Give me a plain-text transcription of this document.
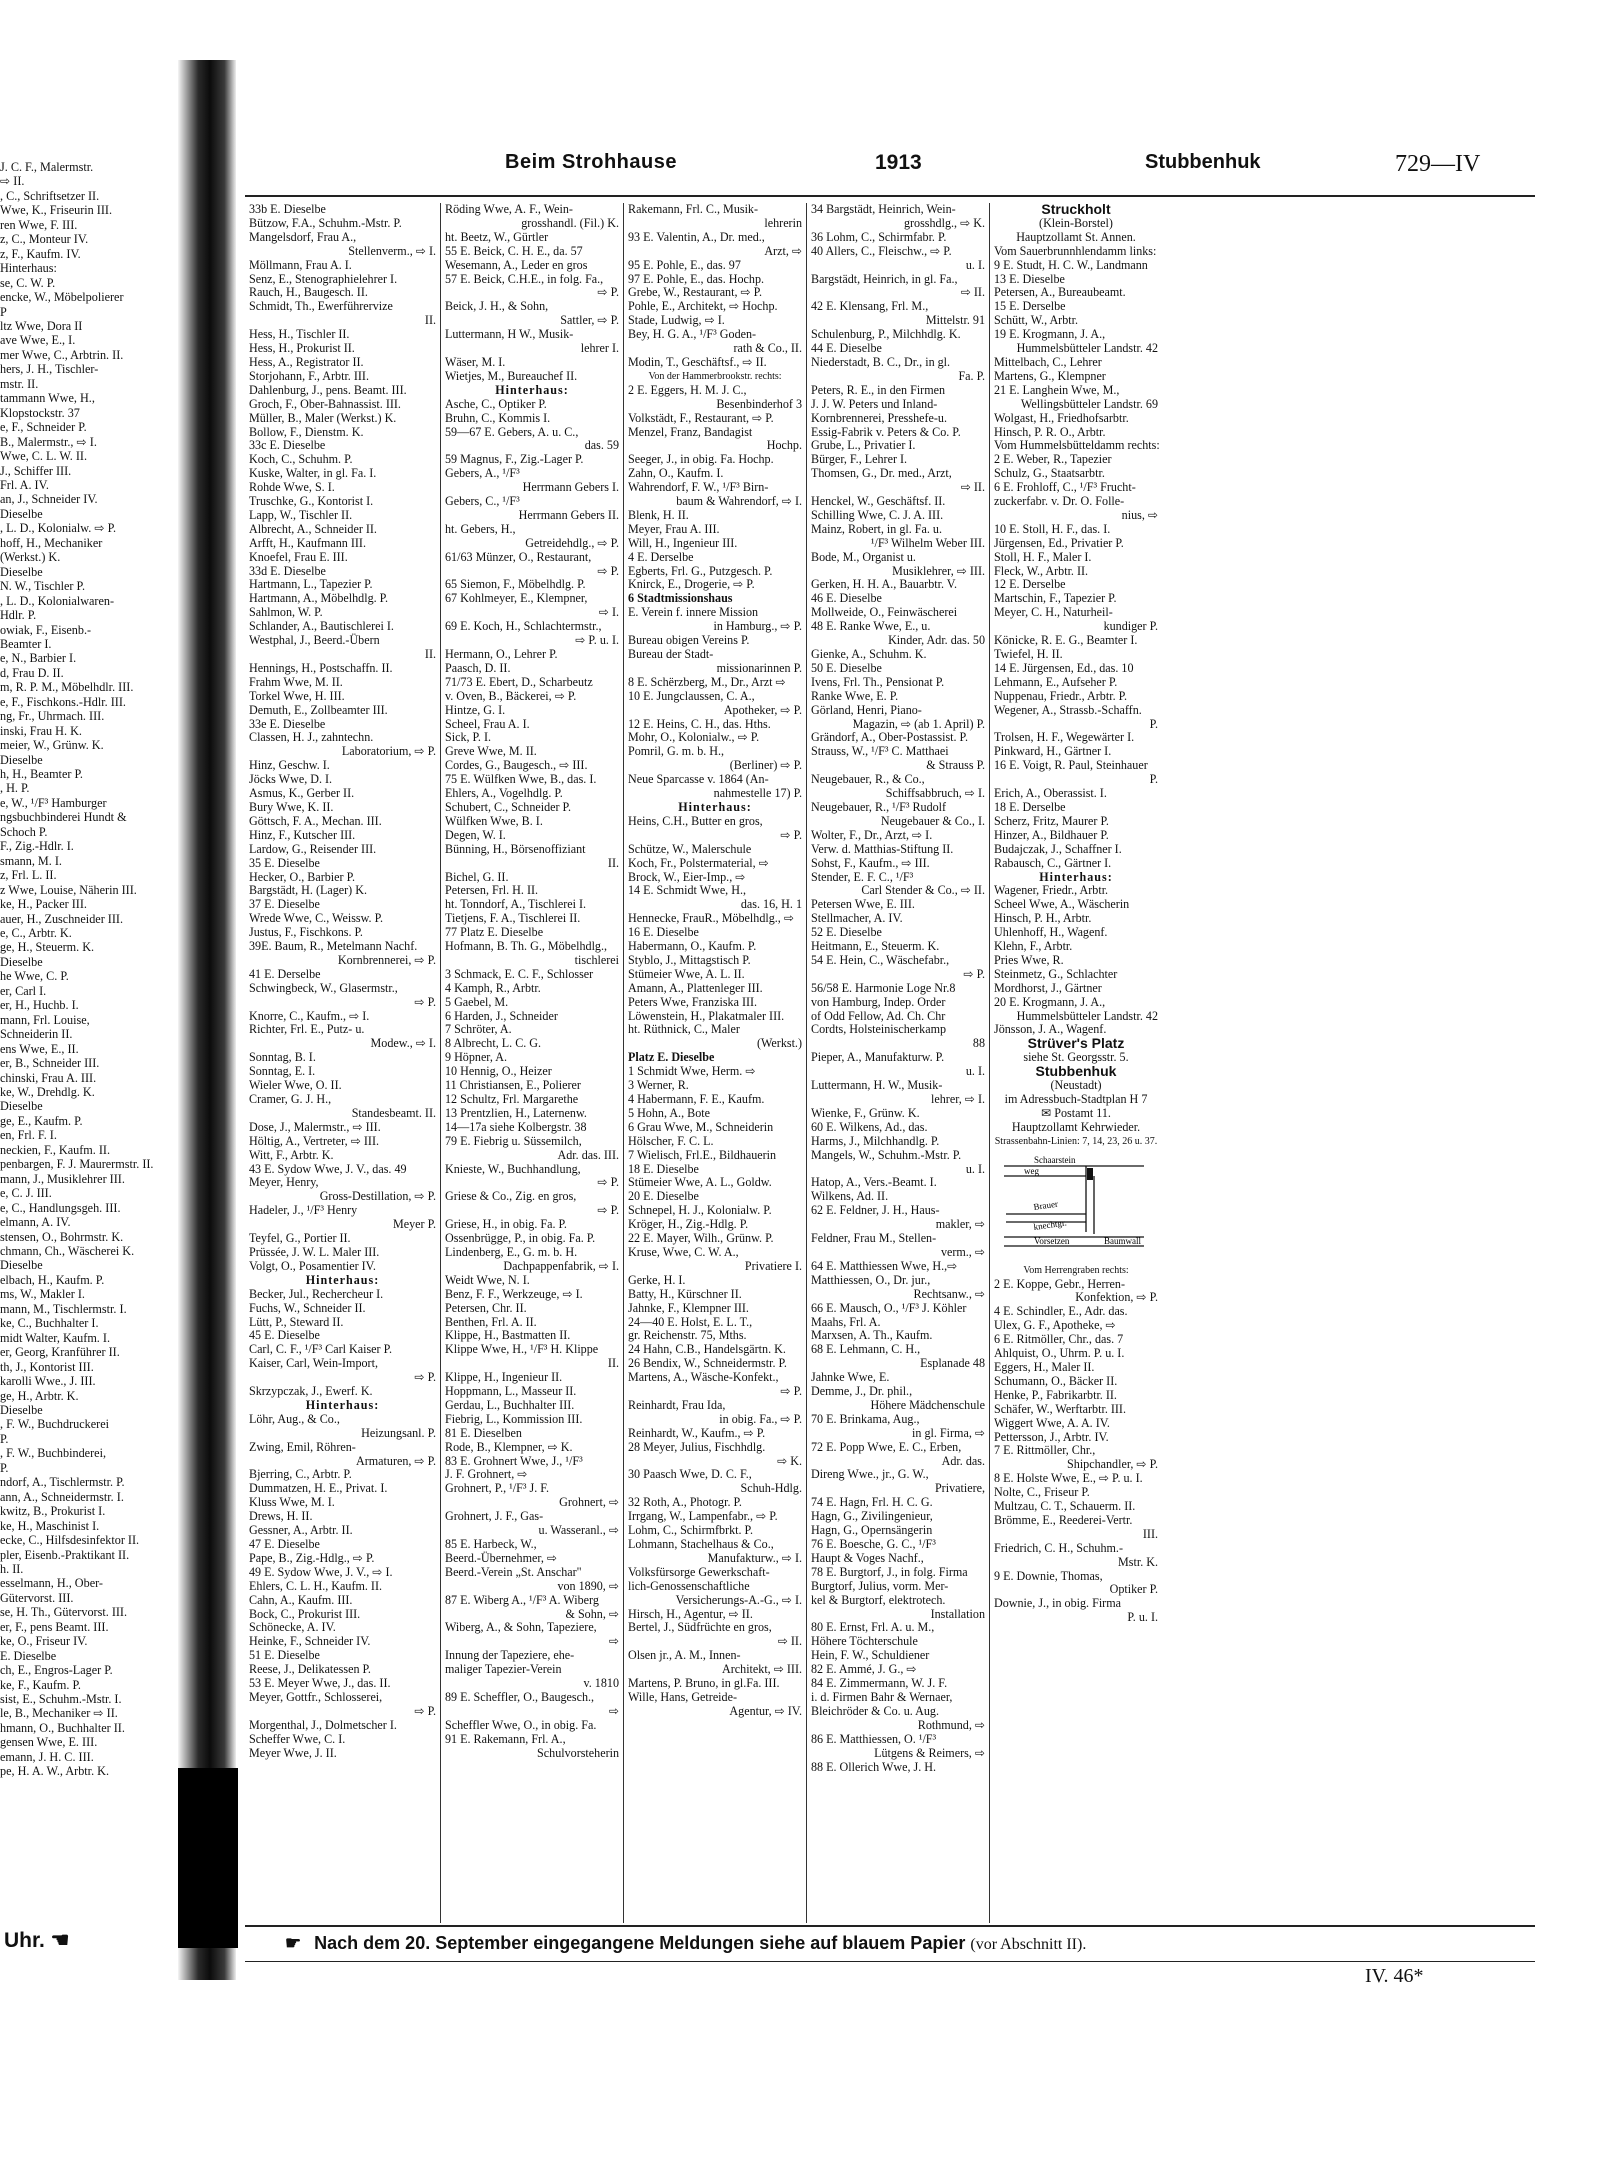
J. C. F., Malermstr.
⇨ II.
, C., Schriftsetzer II.
Wwe, K., Friseurin III.
ren Wwe, F. III.
z, C., Monteur IV.
z, F., Kaufm. IV.
Hinterhaus:
se, C. W. P.
encke, W., Möbelpolierer
P
ltz Wwe, Dora II
ave Wwe, E., I.
mer Wwe, C., Arbtrin. II.
hers, J. H., Tischler-
mstr. II.
tammann Wwe, H.,
Klopstockstr. 37
e, F., Schneider P.
B., Malermstr., ⇨ I.
Wwe, C. L. W. II.
J., Schiffer III.
Frl. A. IV.
an, J., Schneider IV.
Dieselbe
, L. D., Kolonialw. ⇨ P.
hoff, H., Mechaniker
(Werkst.) K.
Dieselbe
N. W., Tischler P.
, L. D., Kolonialwaren-
Hdlr. P.
owiak, F., Eisenb.-
Beamter I.
e, N., Barbier I.
d, Frau D. II.
m, R. P. M., Möbelhdlr. III.
e, F., Fischkons.-Hdlr. III.
ng, Fr., Uhrmach. III.
inski, Frau H. K.
meier, W., Grünw. K.
Dieselbe
h, H., Beamter P.
, H. P.
e, W., ¹/F³ Hamburger
ngsbuchbinderei Hundt &
Schoch P.
F., Zig.-Hdlr. I.
smann, M. I.
z, Frl. L. II.
z Wwe, Louise, Näherin III.
ke, H., Packer III.
auer, H., Zuschneider III.
e, C., Arbtr. K.
ge, H., Steuerm. K.
Dieselbe
he Wwe, C. P.
er, Carl I.
er, H., Huchb. I.
mann, Frl. Louise,
Schneiderin II.
ens Wwe, E., II.
er, B., Schneider III.
chinski, Frau A. III.
ke, W., Drehdlg. K.
Dieselbe
ge, E., Kaufm. P.
en, Frl. F. I.
neckien, F., Kaufm. II.
penbargen, F. J. Maurermstr. II.
mann, J., Musiklehrer III.
e, C. J. III.
e, C., Handlungsgeh. III.
elmann, A. IV.
stensen, O., Bohrmstr. K.
chmann, Ch., Wäscherei K.
Dieselbe
elbach, H., Kaufm. P.
ms, W., Makler I.
mann, M., Tischlermstr. I.
ke, C., Buchhalter I.
midt Walter, Kaufm. I.
er, Georg, Kranführer II.
th, J., Kontorist III.
karolli Wwe., J. III.
ge, H., Arbtr. K.
Dieselbe
, F. W., Buchdruckerei
P.
, F. W., Buchbinderei,
P.
ndorf, A., Tischlermstr. P.
ann, A., Schneidermstr. I.
kwitz, B., Prokurist I.
ke, H., Maschinist I.
ecke, C., Hilfsdesinfektor II.
pler, Eisenb.-Praktikant II.
h. II.
esselmann, H., Ober-
Gütervorst. III.
se, H. Th., Gütervorst. III.
er, F., pens Beamt. III.
ke, O., Friseur IV.
E. Dieselbe
ch, E., Engros-Lager P.
ke, F., Kaufm. P.
sist, E., Schuhm.-Mstr. I.
le, B., Mechaniker ⇨ II.
hmann, O., Buchhalter II.
gensen Wwe, E. III.
emann, J. H. C. III.
pe, H. A. W., Arbtr. K.
Uhr. ☚
Beim Strohhause	1913	Stubbenhuk	729—IV
33b E. Dieselbe
Bützow, F.A., Schuhm.-Mstr. P.
Mangelsdorf, Frau A.,
Stellenverm., ⇨ I.
Möllmann, Frau A. I.
Senz, E., Stenographielehrer I.
Rauch, H., Baugesch. II.
Schmidt, Th., Ewerführervize
II.
Hess, H., Tischler II.
Hess, H., Prokurist II.
Hess, A., Registrator II.
Storjohann, F., Arbtr. III.
Dahlenburg, J., pens. Beamt. III.
Groch, F., Ober-Bahnassist. III.
Müller, B., Maler (Werkst.) K.
Bollow, F., Dienstm. K.
33c E. Dieselbe
Koch, C., Schuhm. P.
Kuske, Walter, in gl. Fa. I.
Rohde Wwe, S. I.
Truschke, G., Kontorist I.
Lapp, W., Tischler II.
Albrecht, A., Schneider II.
Arfft, H., Kaufmann III.
Knoefel, Frau E. III.
33d E. Dieselbe
Hartmann, L., Tapezier P.
Hartmann, A., Möbelhdlg. P.
Sahlmon, W. P.
Schlander, A., Bautischlerei I.
Westphal, J., Beerd.-Übern
II.
Hennings, H., Postschaffn. II.
Frahm Wwe, M. II.
Torkel Wwe, H. III.
Demuth, E., Zollbeamter III.
33e E. Dieselbe
Classen, H. J., zahntechn.
Laboratorium, ⇨ P.
Hinz, Geschw. I.
Jöcks Wwe, D. I.
Asmus, K., Gerber II.
Bury Wwe, K. II.
Göttsch, F. A., Mechan. III.
Hinz, F., Kutscher III.
Lardow, G., Reisender III.
35 E. Dieselbe
Hecker, O., Barbier P.
Bargstädt, H. (Lager) K.
37 E. Dieselbe
Wrede Wwe, C., Weissw. P.
Justus, F., Fischkons. P.
39E. Baum, R., Metelmann Nachf.
Kornbrennerei, ⇨ P.
41 E. Derselbe
Schwingbeck, W., Glasermstr.,
⇨ P.
Knorre, C., Kaufm., ⇨ I.
Richter, Frl. E., Putz- u.
Modew., ⇨ I.
Sonntag, B. I.
Sonntag, E. I.
Wieler Wwe, O. II.
Cramer, G. J. H.,
Standesbeamt. II.
Dose, J., Malermstr., ⇨ III.
Höltig, A., Vertreter, ⇨ III.
Witt, F., Arbtr. K.
43 E. Sydow Wwe, J. V., das. 49
Meyer, Henry,
Gross-Destillation, ⇨ P.
Hadeler, J., ¹/F³ Henry
Meyer P.
Teyfel, G., Portier II.
Prüssée, J. W. L. Maler III.
Volgt, O., Posamentier IV.
Hinterhaus:
Becker, Jul., Rechercheur I.
Fuchs, W., Schneider II.
Lütt, P., Steward II.
45 E. Dieselbe
Carl, C. F., ¹/F³ Carl Kaiser P.
Kaiser, Carl, Wein-Import,
⇨ P.
Skrzypczak, J., Ewerf. K.
Hinterhaus:
Löhr, Aug., & Co.,
Heizungsanl. P.
Zwing, Emil, Röhren-
Armaturen, ⇨ P.
Bjerring, C., Arbtr. P.
Dummatzen, H. E., Privat. I.
Kluss Wwe, M. I.
Drews, H. II.
Gessner, A., Arbtr. II.
47 E. Dieselbe
Pape, B., Zig.-Hdlg., ⇨ P.
49 E. Sydow Wwe, J. V., ⇨ I.
Ehlers, C. L. H., Kaufm. II.
Cahn, A., Kaufm. III.
Bock, C., Prokurist III.
Schönecke, A. IV.
Heinke, F., Schneider IV.
51 E. Dieselbe
Reese, J., Delikatessen P.
53 E. Meyer Wwe, J., das. II.
Meyer, Gottfr., Schlosserei,
⇨ P.
Morgenthal, J., Dolmetscher I.
Scheffer Wwe, C. I.
Meyer Wwe, J. II.
Röding Wwe, A. F., Wein-
grosshandl. (Fil.) K.
ht. Beetz, W., Gürtler
55 E. Beick, C. H. E., da. 57
Wesemann, A., Leder en gros
57 E. Beick, C.H.E., in folg. Fa.,
⇨ P.
Beick, J. H., & Sohn,
Sattler, ⇨ P.
Luttermann, H W., Musik-
lehrer I.
Wäser, M. I.
Wietjes, M., Bureauchef II.
Hinterhaus:
Asche, C., Optiker P.
Bruhn, C., Kommis I.
59—67 E. Gebers, A. u. C.,
das. 59
59 Magnus, F., Zig.-Lager P.
Gebers, A., ¹/F³
Herrmann Gebers I.
Gebers, C., ¹/F³
Herrmann Gebers II.
ht. Gebers, H.,
Getreidehdlg., ⇨ P.
61/63 Münzer, O., Restaurant,
⇨ P.
65 Siemon, F., Möbelhdlg. P.
67 Kohlmeyer, E., Klempner,
⇨ I.
69 E. Koch, H., Schlachtermstr.,
⇨ P. u. I.
Hermann, O., Lehrer P.
Paasch, D. II.
71/73 E. Ebert, D., Scharbeutz
v. Oven, B., Bäckerei, ⇨ P.
Hintze, G. I.
Scheel, Frau A. I.
Sick, P. I.
Greve Wwe, M. II.
Cordes, G., Baugesch., ⇨ III.
75 E. Wülfken Wwe, B., das. I.
Ehlers, A., Vogelhdlg. P.
Schubert, C., Schneider P.
Wülfken Wwe, B. I.
Degen, W. I.
Bünning, H., Börsenoffiziant
II.
Bichel, G. II.
Petersen, Frl. H. II.
ht. Tonndorf, A., Tischlerei I.
Tietjens, F. A., Tischlerei II.
77 Platz E. Dieselbe
Hofmann, B. Th. G., Möbelhdlg.,
tischlerei
3 Schmack, E. C. F., Schlosser
4 Kamph, R., Arbtr.
5 Gaebel, M.
6 Harden, J., Schneider
7 Schröter, A.
8 Albrecht, L. C. G.
9 Höpner, A.
10 Hennig, O., Heizer
11 Christiansen, E., Polierer
12 Schultz, Frl. Margarethe
13 Prentzlien, H., Laternenw.
14—17a siehe Kolbergstr. 38
79 E. Fiebrig u. Süssemilch,
Adr. das. III.
Knieste, W., Buchhandlung,
⇨ P.
Griese & Co., Zig. en gros,
⇨ P.
Griese, H., in obig. Fa. P.
Ossenbrügge, P., in obig. Fa. P.
Lindenberg, E., G. m. b. H.
Dachpappenfabrik, ⇨ I.
Weidt Wwe, N. I.
Benz, F. F., Werkzeuge, ⇨ I.
Petersen, Chr. II.
Benthen, Frl. A. II.
Klippe, H., Bastmatten II.
Klippe Wwe, H., ¹/F³ H. Klippe
II.
Klippe, H., Ingenieur II.
Hoppmann, L., Masseur II.
Gerdau, L., Buchhalter III.
Fiebrig, L., Kommission III.
81 E. Dieselben
Rode, B., Klempner, ⇨ K.
83 E. Grohnert Wwe, J., ¹/F³
J. F. Grohnert, ⇨
Grohnert, P., ¹/F³ J. F.
Grohnert, ⇨
Grohnert, J. F., Gas-
u. Wasseranl., ⇨
85 E. Harbeck, W.,
Beerd.-Übernehmer, ⇨
Beerd.-Verein „St. Anschar"
von 1890, ⇨
87 E. Wiberg A., ¹/F³ A. Wiberg
& Sohn, ⇨
Wiberg, A., & Sohn, Tapeziere,
⇨
Innung der Tapeziere, ehe-
maliger Tapezier-Verein
v. 1810
89 E. Scheffler, O., Baugesch.,
⇨
Scheffler Wwe, O., in obig. Fa.
91 E. Rakemann, Frl. A.,
Schulvorsteherin
Rakemann, Frl. C., Musik-
lehrerin
93 E. Valentin, A., Dr. med.,
Arzt, ⇨
95 E. Pohle, E., das. 97
97 E. Pohle, E., das. Hochp.
Grebe, W., Restaurant, ⇨ P.
Pohle, E., Architekt, ⇨ Hochp.
Stade, Ludwig, ⇨ I.
Bey, H. G. A., ¹/F³ Goden-
rath & Co., II.
Modin, T., Geschäftsf., ⇨ II.
Von der Hammerbrookstr. rechts:
2 E. Eggers, H. M. J. C.,
Besenbinderhof 3
Volkstädt, F., Restaurant, ⇨ P.
Menzel, Franz, Bandagist
Hochp.
Seeger, J., in obig. Fa. Hochp.
Zahn, O., Kaufm. I.
Wahrendorf, F. W., ¹/F³ Birn-
baum & Wahrendorf, ⇨ I.
Blenk, H. II.
Meyer, Frau A. III.
Will, H., Ingenieur III.
4 E. Derselbe
Egberts, Frl. G., Putzgesch. P.
Knirck, E., Drogerie, ⇨ P.
6 Stadtmissionshaus
E. Verein f. innere Mission
in Hamburg., ⇨ P.
Bureau obigen Vereins P.
Bureau der Stadt-
missionarinnen P.
8 E. Schërzberg, M., Dr., Arzt ⇨
10 E. Jungclaussen, C. A.,
Apotheker, ⇨ P.
12 E. Heins, C. H., das. Hths.
Mohr, O., Kolonialw., ⇨ P.
Pomril, G. m. b. H.,
(Berliner) ⇨ P.
Neue Sparcasse v. 1864 (An-
nahmestelle 17) P.
Hinterhaus:
Heins, C.H., Butter en gros,
⇨ P.
Schütze, W., Malerschule
Koch, Fr., Polstermaterial, ⇨
Brock, W., Eier-Imp., ⇨
14 E. Schmidt Wwe, H.,
das. 16, H. 1
Hennecke, FrauR., Möbelhdlg., ⇨
16 E. Dieselbe
Habermann, O., Kaufm. P.
Styblo, J., Mittagstisch P.
Stümeier Wwe, A. L. II.
Amann, A., Plattenleger III.
Peters Wwe, Franziska III.
Löwenstein, H., Plakatmaler III.
ht. Rüthnick, C., Maler
(Werkst.)
Platz E. Dieselbe
1 Schmidt Wwe, Herm. ⇨
3 Werner, R.
4 Habermann, F. E., Kaufm.
5 Hohn, A., Bote
6 Grau Wwe, M., Schneiderin
Hölscher, F. C. L.
7 Wielisch, Frl.E., Bildhauerin
18 E. Dieselbe
Stümeier Wwe, A. L., Goldw.
20 E. Dieselbe
Schnepel, H. J., Kolonialw. P.
Kröger, H., Zig.-Hdlg. P.
22 E. Mayer, Wilh., Grünw. P.
Kruse, Wwe, C. W. A.,
Privatiere I.
Gerke, H. I.
Batty, H., Kürschner II.
Jahnke, F., Klempner III.
24—40 E. Holst, E. L. T.,
gr. Reichenstr. 75, Mths.
24 Hahn, C.B., Handelsgärtn. K.
26 Bendix, W., Schneidermstr. P.
Martens, A., Wäsche-Konfekt.,
⇨ P.
Reinhardt, Frau Ida,
in obig. Fa., ⇨ P.
Reinhardt, W., Kaufm., ⇨ P.
28 Meyer, Julius, Fischhdlg.
⇨ K.
30 Paasch Wwe, D. C. F.,
Schuh-Hdlg.
32 Roth, A., Photogr. P.
Irrgang, W., Lampenfabr., ⇨ P.
Lohm, C., Schirmfbrkt. P.
Lohmann, Stachelhaus & Co.,
Manufakturw., ⇨ I.
Volksfürsorge Gewerkschaft-
lich-Genossenschaftliche
Versicherungs-A.-G., ⇨ I.
Hirsch, H., Agentur, ⇨ II.
Bertel, J., Südfrüchte en gros,
⇨ II.
Olsen jr., A. M., Innen-
Architekt, ⇨ III.
Martens, P. Bruno, in gl.Fa. III.
Wille, Hans, Getreide-
Agentur, ⇨ IV.
34 Bargstädt, Heinrich, Wein-
grosshdlg., ⇨ K.
36 Lohm, C., Schirmfabr. P.
40 Allers, C., Fleischw., ⇨ P.
u. I.
Bargstädt, Heinrich, in gl. Fa.,
⇨ II.
42 E. Klensang, Frl. M.,
Mittelstr. 91
Schulenburg, P., Milchhdlg. K.
44 E. Dieselbe
Niederstadt, B. C., Dr., in gl.
Fa. P.
Peters, R. E., in den Firmen
J. J. W. Peters und Inland-
Kornbrennerei, Presshefe-u.
Essig-Fabrik v. Peters & Co. P.
Grube, L., Privatier I.
Bürger, F., Lehrer I.
Thomsen, G., Dr. med., Arzt,
⇨ II.
Henckel, W., Geschäftsf. II.
Schilling Wwe, C. J. A. III.
Mainz, Robert, in gl. Fa. u.
¹/F³ Wilhelm Weber III.
Bode, M., Organist u.
Musiklehrer, ⇨ III.
Gerken, H. H. A., Bauarbtr. V.
46 E. Dieselbe
Mollweide, O., Feinwäscherei
48 E. Ranke Wwe, E., u.
Kinder, Adr. das. 50
Gienke, A., Schuhm. K.
50 E. Dieselbe
Ivens, Frl. Th., Pensionat P.
Ranke Wwe, E. P.
Görland, Henri, Piano-
Magazin, ⇨ (ab 1. April) P.
Grändorf, A., Ober-Postassist. P.
Strauss, W., ¹/F³ C. Matthaei
& Strauss P.
Neugebauer, R., & Co.,
Schiffsabbruch, ⇨ I.
Neugebauer, R., ¹/F³ Rudolf
Neugebauer & Co., I.
Wolter, F., Dr., Arzt, ⇨ I.
Verw. d. Matthias-Stiftung II.
Sohst, F., Kaufm., ⇨ III.
Stender, E. F. C., ¹/F³
Carl Stender & Co., ⇨ II.
Petersen Wwe, E. III.
Stellmacher, A. IV.
52 E. Dieselbe
Heitmann, E., Steuerm. K.
54 E. Hein, C., Wäschefabr.,
⇨ P.
56/58 E. Harmonie Loge Nr.8
von Hamburg, Indep. Order
of Odd Fellow, Ad. Ch. Chr
Cordts, Holsteinischerkamp
88
Pieper, A., Manufakturw. P.
u. I.
Luttermann, H. W., Musik-
lehrer, ⇨ I.
Wienke, F., Grünw. K.
60 E. Wilkens, Ad., das.
Harms, J., Milchhandlg. P.
Mangels, W., Schuhm.-Mstr. P.
u. I.
Hatop, A., Vers.-Beamt. I.
Wilkens, Ad. II.
62 E. Feldner, J. H., Haus-
makler, ⇨
Feldner, Frau M., Stellen-
verm., ⇨
64 E. Matthiessen Wwe, H.,⇨
Matthiessen, O., Dr. jur.,
Rechtsanw., ⇨
66 E. Mausch, O., ¹/F³ J. Köhler
Maahs, Frl. A.
Marxsen, A. Th., Kaufm.
68 E. Lehmann, C. H.,
Esplanade 48
Jahnke Wwe, E.
Demme, J., Dr. phil.,
Höhere Mädchenschule
70 E. Brinkama, Aug.,
in gl. Firma, ⇨
72 E. Popp Wwe, E. C., Erben,
Adr. das.
Direng Wwe., jr., G. W.,
Privatiere,
74 E. Hagn, Frl. H. C. G.
Hagn, G., Zivilingenieur,
Hagn, G., Opernsängerin
76 E. Boesche, G. C., ¹/F³
Haupt & Voges Nachf.,
78 E. Burgtorf, J., in folg. Firma
Burgtorf, Julius, vorm. Mer-
kel & Burgtorf, elektrotech.
Installation
80 E. Ernst, Frl. A. u. M.,
Höhere Töchterschule
Hein, F. W., Schuldiener
82 E. Ammé, J. G., ⇨
84 E. Zimmermann, W. J. F.
i. d. Firmen Bahr & Wernaer,
Bleichröder & Co. u. Aug.
Rothmund, ⇨
86 E. Matthiessen, O. ¹/F³
Lütgens & Reimers, ⇨
88 E. Ollerich Wwe, J. H.
Struckholt
(Klein-Borstel)
Hauptzollamt St. Annen.
Vom Sauerbrunnhlendamm links:
9 E. Studt, H. C. W., Landmann
13 E. Dieselbe
Petersen, A., Bureaubeamt.
15 E. Derselbe
Schütt, W., Arbtr.
19 E. Krogmann, J. A.,
Hummelsbütteler Landstr. 42
Mittelbach, C., Lehrer
Martens, G., Klempner
21 E. Langhein Wwe, M.,
Wellingsbütteler Landstr. 69
Wolgast, H., Friedhofsarbtr.
Hinsch, P. R. O., Arbtr.
Vom Hummelsbütteldamm rechts:
2 E. Weber, R., Tapezier
Schulz, G., Staatsarbtr.
6 E. Frohloff, C., ¹/F³ Frucht-
zuckerfabr. v. Dr. O. Folle-
nius, ⇨
10 E. Stoll, H. F., das. I.
Jürgensen, Ed., Privatier P.
Stoll, H. F., Maler I.
Fleck, W., Arbtr. II.
12 E. Derselbe
Martschin, F., Tapezier P.
Meyer, C. H., Naturheil-
kundiger P.
Könicke, R. E. G., Beamter I.
Twiefel, H. II.
14 E. Jürgensen, Ed., das. 10
Lehmann, E., Aufseher P.
Nuppenau, Friedr., Arbtr. P.
Wegener, A., Strassb.-Schaffn.
P.
Trolsen, H. F., Wegewärter I.
Pinkward, H., Gärtner I.
16 E. Voigt, R. Paul, Steinhauer
P.
Erich, A., Oberassist. I.
18 E. Derselbe
Scherz, Fritz, Maurer P.
Hinzer, A., Bildhauer P.
Budajczak, J., Schaffner I.
Rabausch, C., Gärtner I.
Hinterhaus:
Wagener, Friedr., Arbtr.
Scheel Wwe, A., Wäscherin
Hinsch, P. H., Arbtr.
Uhlenhoff, H., Wagenf.
Klehn, F., Arbtr.
Pries Wwe, R.
Steinmetz, G., Schlachter
Mordhorst, J., Gärtner
20 E. Krogmann, J. A.,
Hummelsbütteler Landstr. 42
Jönsson, J. A., Wagenf.
Strüver's Platz
siehe St. Georgsstr. 5.
Stubbenhuk
(Neustadt)
im Adressbuch-Stadtplan H 7
✉ Postamt 11.
Hauptzollamt Kehrwieder.
Strassenbahn-Linien: 7, 14, 23, 26 u. 37.
Schaarstein
weg
Brauer
knechtgr.
Vorsetzen	Baumwall
Vom Herrengraben rechts:
2 E. Koppe, Gebr., Herren-
Konfektion, ⇨ P.
4 E. Schindler, E., Adr. das.
Ulex, G. F., Apotheke, ⇨
6 E. Ritmöller, Chr., das. 7
Ahlquist, O., Uhrm. P. u. I.
Eggers, H., Maler II.
Schumann, O., Bäcker II.
Henke, P., Fabrikarbtr. II.
Schäfer, W., Werftarbtr. III.
Wiggert Wwe, A. A. IV.
Pettersson, J., Arbtr. IV.
7 E. Rittmöller, Chr.,
Shipchandler, ⇨ P.
8 E. Holste Wwe, E., ⇨ P. u. I.
Nolte, C., Friseur P.
Multzau, C. T., Schauerm. II.
Brömme, E., Reederei-Vertr.
III.
Friedrich, C. H., Schuhm.-
Mstr. K.
9 E. Downie, Thomas,
Optiker P.
Downie, J., in obig. Firma
P. u. I.
☛ Nach dem 20. September eingegangene Meldungen siehe auf blauem Papier (vor Abschnitt II).
IV. 46*
